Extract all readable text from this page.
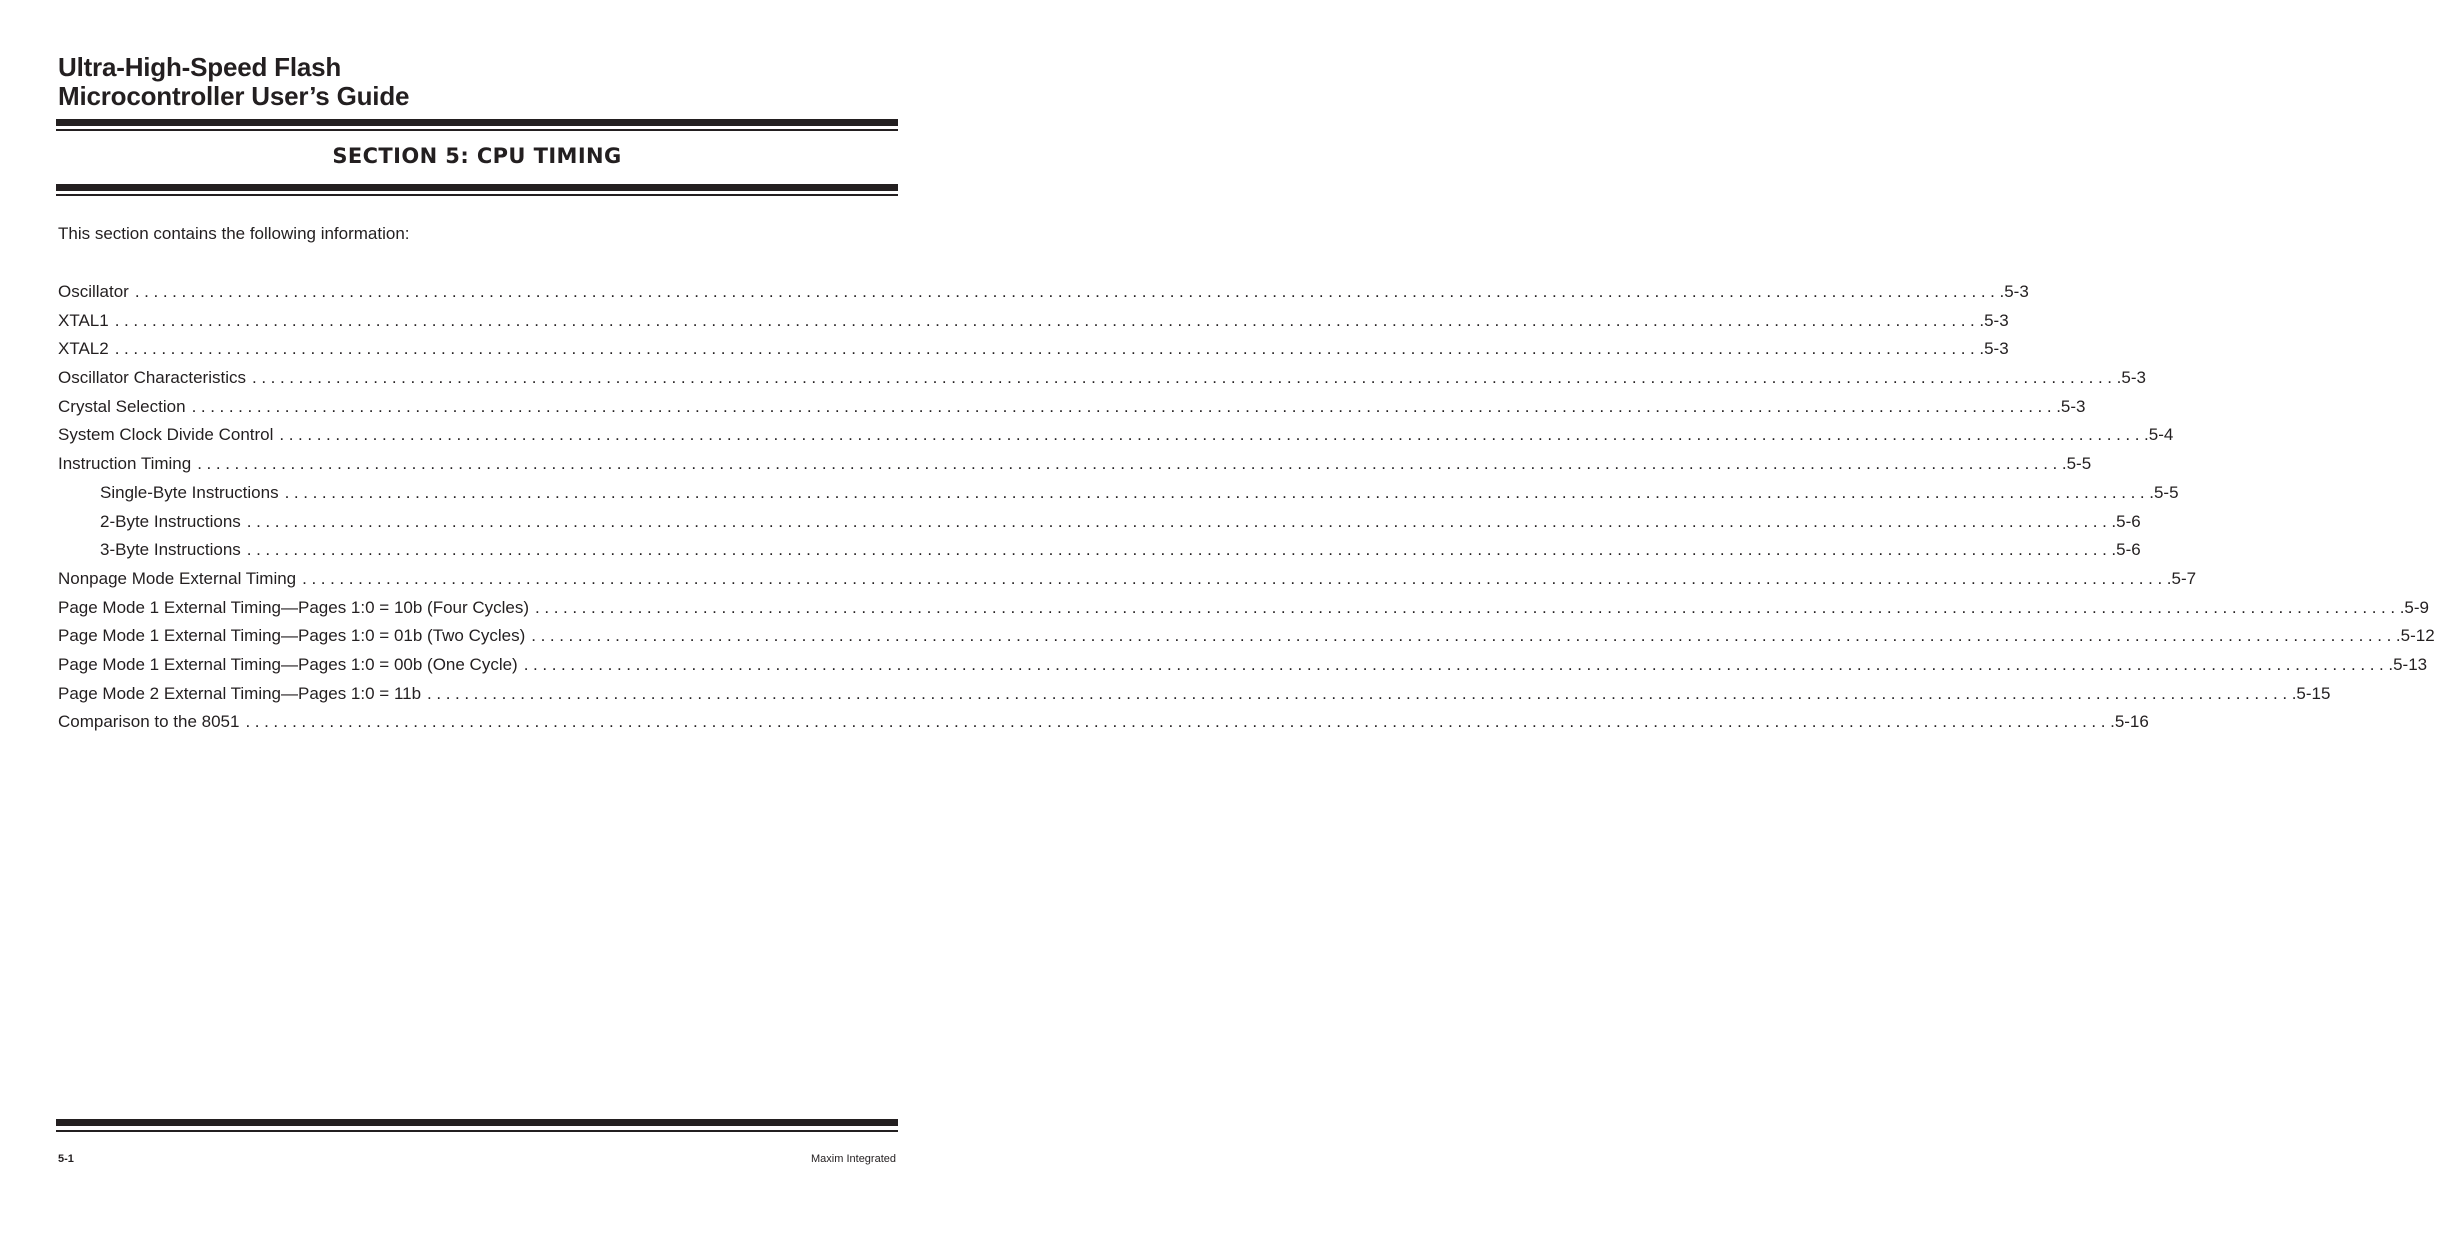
Ultra-High-Speed Flash
Microcontroller User’s Guide
SECTION 5: CPU TIMING

This section contains the following information:

Oscillator ........................................................................................................................................................................................................ .5-3
XTAL1 ........................................................................................................................................................................................................ .5-3
XTAL2 ........................................................................................................................................................................................................ .5-3
Oscillator Characteristics ........................................................................................................................................................................................................ .5-3
Crystal Selection ........................................................................................................................................................................................................ .5-3
System Clock Divide Control ........................................................................................................................................................................................................ .5-4
Instruction Timing ........................................................................................................................................................................................................ .5-5
Single-Byte Instructions ........................................................................................................................................................................................................ .5-5
2-Byte Instructions ........................................................................................................................................................................................................ .5-6
3-Byte Instructions ........................................................................................................................................................................................................ .5-6
Nonpage Mode External Timing ........................................................................................................................................................................................................ .5-7
Page Mode 1 External Timing—Pages 1:0 = 10b (Four Cycles) ........................................................................................................................................................................................................ .5-9
Page Mode 1 External Timing—Pages 1:0 = 01b (Two Cycles) ........................................................................................................................................................................................................ .5-12
Page Mode 1 External Timing—Pages 1:0 = 00b (One Cycle) ........................................................................................................................................................................................................ .5-13
Page Mode 2 External Timing—Pages 1:0 = 11b ........................................................................................................................................................................................................ .5-15
Comparison to the 8051 ........................................................................................................................................................................................................ .5-16

5-1	Maxim Integrated
